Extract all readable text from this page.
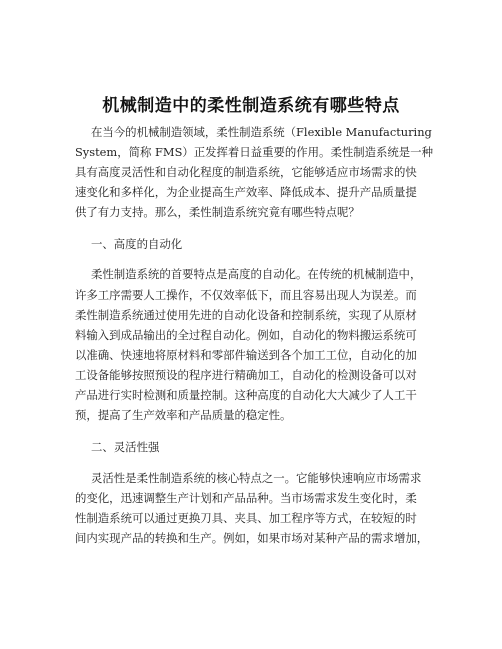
机械制造中的柔性制造系统有哪些特点
在当今的机械制造领域，柔性制造系统（Flexible Manufacturing
System，简称 FMS）正发挥着日益重要的作用。柔性制造系统是一种
具有高度灵活性和自动化程度的制造系统，它能够适应市场需求的快
速变化和多样化，为企业提高生产效率、降低成本、提升产品质量提
供了有力支持。那么，柔性制造系统究竟有哪些特点呢？
一、高度的自动化
柔性制造系统的首要特点是高度的自动化。在传统的机械制造中，
许多工序需要人工操作，不仅效率低下，而且容易出现人为误差。而
柔性制造系统通过使用先进的自动化设备和控制系统，实现了从原材
料输入到成品输出的全过程自动化。例如，自动化的物料搬运系统可
以准确、快速地将原材料和零部件输送到各个加工工位，自动化的加
工设备能够按照预设的程序进行精确加工，自动化的检测设备可以对
产品进行实时检测和质量控制。这种高度的自动化大大减少了人工干
预，提高了生产效率和产品质量的稳定性。
二、灵活性强
灵活性是柔性制造系统的核心特点之一。它能够快速响应市场需求
的变化，迅速调整生产计划和产品品种。当市场需求发生变化时，柔
性制造系统可以通过更换刀具、夹具、加工程序等方式，在较短的时
间内实现产品的转换和生产。例如，如果市场对某种产品的需求增加，
